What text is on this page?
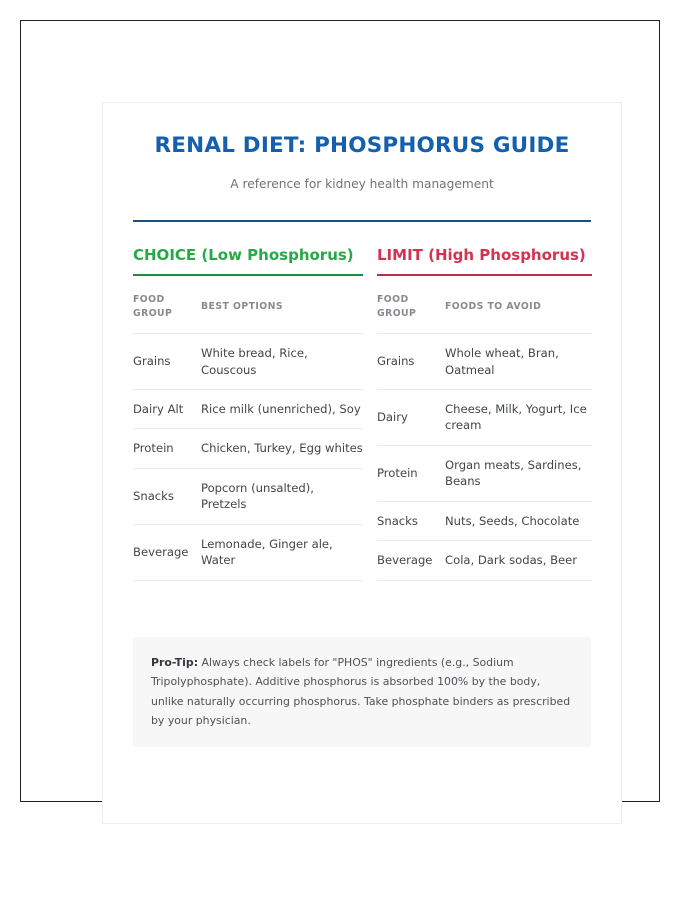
RENAL DIET: PHOSPHORUS GUIDE

A reference for kidney health management

CHOICE (Low Phosphorus)
FOOD GROUP	BEST OPTIONS
Grains	White bread, Rice, Couscous
Dairy Alt	Rice milk (unenriched), Soy
Protein	Chicken, Turkey, Egg whites
Snacks	Popcorn (unsalted), Pretzels
Beverage	Lemonade, Ginger ale, Water
LIMIT (High Phosphorus)
FOOD GROUP	FOODS TO AVOID
Grains	Whole wheat, Bran, Oatmeal
Dairy	Cheese, Milk, Yogurt, Ice cream
Protein	Organ meats, Sardines, Beans
Snacks	Nuts, Seeds, Chocolate
Beverage	Cola, Dark sodas, Beer

Pro-Tip: Always check labels for "PHOS" ingredients (e.g., Sodium Tripolyphosphate). Additive phosphorus is absorbed 100% by the body, unlike naturally occurring phosphorus. Take phosphate binders as prescribed by your physician.
